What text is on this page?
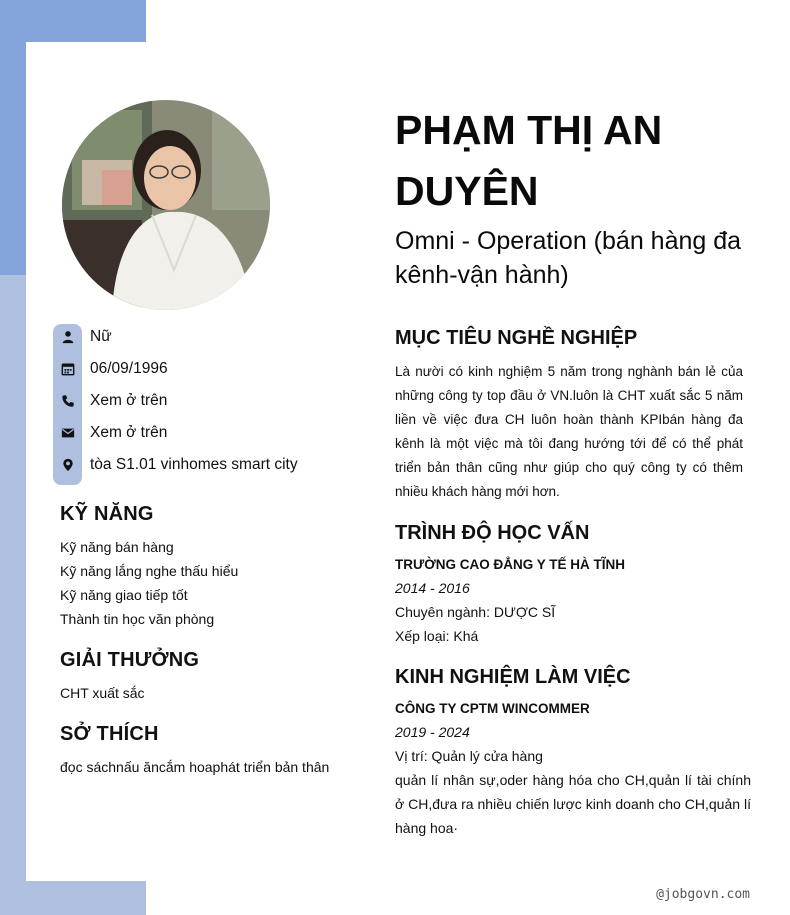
Nữ
06/09/1996
Xem ở trên
Xem ở trên
tòa S1.01 vinhomes smart city
KỸ NĂNG
Kỹ năng bán hàng
Kỹ năng lắng nghe thấu hiểu
Kỹ năng giao tiếp tốt
Thành tin học văn phòng
GIẢI THƯỞNG
CHT xuất sắc
SỞ THÍCH
đọc sáchnấu ăncắm hoaphát triển bản thân
PHẠM THỊ AN DUYÊN
Omni - Operation (bán hàng đa kênh-vận hành)
MỤC TIÊU NGHỀ NGHIỆP
Là nười có kinh nghiệm 5 năm trong nghành bán lẻ của những công ty top đầu ở VN.luôn là CHT xuất sắc 5 năm liền về việc đưa CH luôn hoàn thành KPIbán hàng đa kênh là một việc mà tôi đang hướng tới để có thể phát triển bản thân cũng như giúp cho quý công ty có thêm nhiều khách hàng mới hơn.
TRÌNH ĐỘ HỌC VẤN
TRƯỜNG CAO ĐẲNG Y TẾ HÀ TĨNH
2014 - 2016
Chuyên ngành: DƯỢC SĨ
Xếp loại: Khá
KINH NGHIỆM LÀM VIỆC
CÔNG TY CPTM WINCOMMER
2019 - 2024
Vị trí: Quản lý cửa hàng
quản lí nhân sự,oder hàng hóa cho CH,quản lí tài chính ở CH,đưa ra nhiều chiến lược kinh doanh cho CH,quản lí hàng hoa·
@jobgovn.com
